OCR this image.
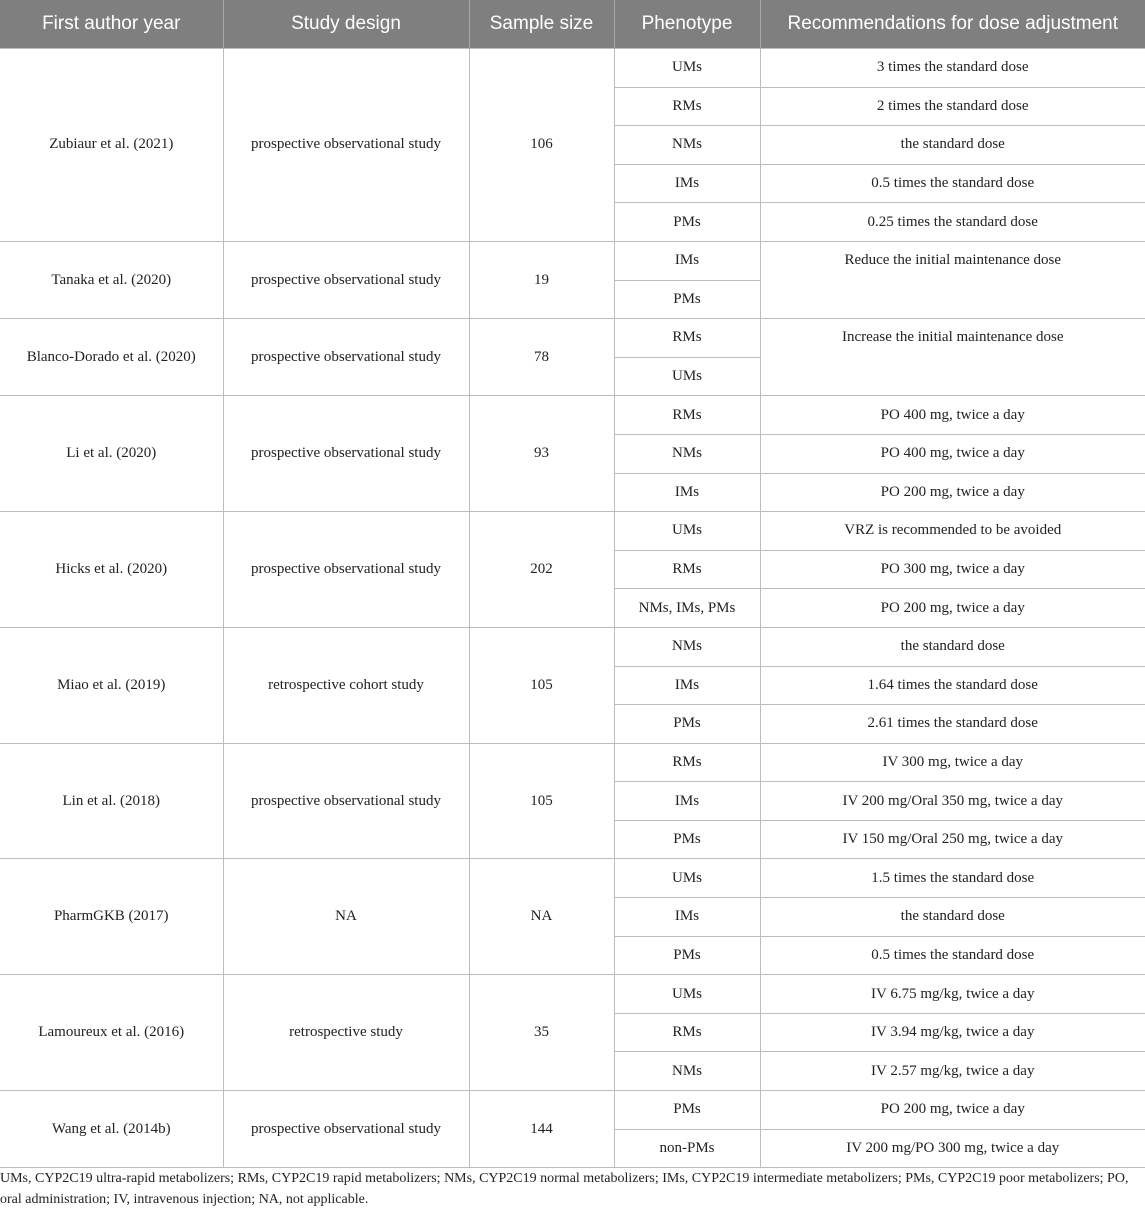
First author year	Study design	Sample size	Phenotype	Recommendations for dose adjustment
Zubiaur et al. (2021)	prospective observational study	106	UMs	3 times the standard dose
			RMs	2 times the standard dose
			NMs	the standard dose
			IMs	0.5 times the standard dose
			PMs	0.25 times the standard dose
Tanaka et al. (2020)	prospective observational study	19	IMs	Reduce the initial maintenance dose
			PMs	
Blanco-Dorado et al. (2020)	prospective observational study	78	RMs	Increase the initial maintenance dose
			UMs	
Li et al. (2020)	prospective observational study	93	RMs	PO 400 mg, twice a day
			NMs	PO 400 mg, twice a day
			IMs	PO 200 mg, twice a day
Hicks et al. (2020)	prospective observational study	202	UMs	VRZ is recommended to be avoided
			RMs	PO 300 mg, twice a day
			NMs, IMs, PMs	PO 200 mg, twice a day
Miao et al. (2019)	retrospective cohort study	105	NMs	the standard dose
			IMs	1.64 times the standard dose
			PMs	2.61 times the standard dose
Lin et al. (2018)	prospective observational study	105	RMs	IV 300 mg, twice a day
			IMs	IV 200 mg/Oral 350 mg, twice a day
			PMs	IV 150 mg/Oral 250 mg, twice a day
PharmGKB (2017)	NA	NA	UMs	1.5 times the standard dose
			IMs	the standard dose
			PMs	0.5 times the standard dose
Lamoureux et al. (2016)	retrospective study	35	UMs	IV 6.75 mg/kg, twice a day
			RMs	IV 3.94 mg/kg, twice a day
			NMs	IV 2.57 mg/kg, twice a day
Wang et al. (2014b)	prospective observational study	144	PMs	PO 200 mg, twice a day
			non-PMs	IV 200 mg/PO 300 mg, twice a day

UMs, CYP2C19 ultra-rapid metabolizers; RMs, CYP2C19 rapid metabolizers; NMs, CYP2C19 normal metabolizers; IMs, CYP2C19 intermediate metabolizers; PMs, CYP2C19 poor metabolizers; PO, oral administration; IV, intravenous injection; NA, not applicable.
